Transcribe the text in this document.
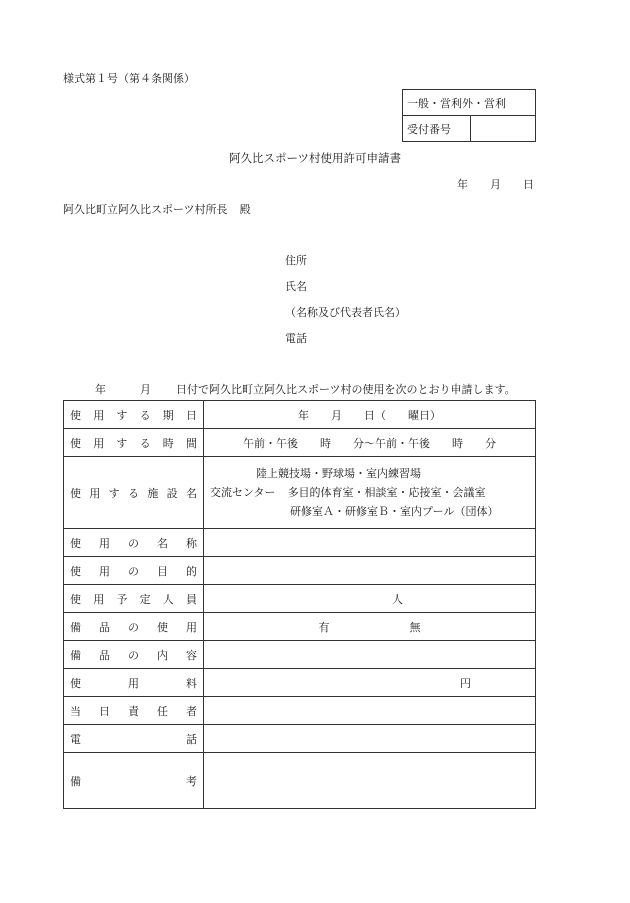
様式第１号（第４条関係）
一般・営利外・営利
受付番号	
阿久比スポーツ村使用許可申請書
年 月 日
阿久比町立阿久比スポーツ村所長 殿
住所
氏名
（名称及び代表者氏名）
電話
年	月 日付で阿久比町立阿久比スポーツ村の使用を次のとおり申請します。
使用する期日	年　　月　　日（　　曜日）
使用する時間	午前・午後　　時　　分～午前・午後　　時　　分
使用する施設名	陸上競技場・野球場・室内練習場
交流センター 多目的体育室・相談室・応接室・会議室
研修室Ａ・研修室Ｂ・室内プール（団体）

使用の名称	
使用の目的	
使用予定人員	人
備品の使用	有 無
備品の内容	
使用料	円
当日責任者	
電話	
備考	
